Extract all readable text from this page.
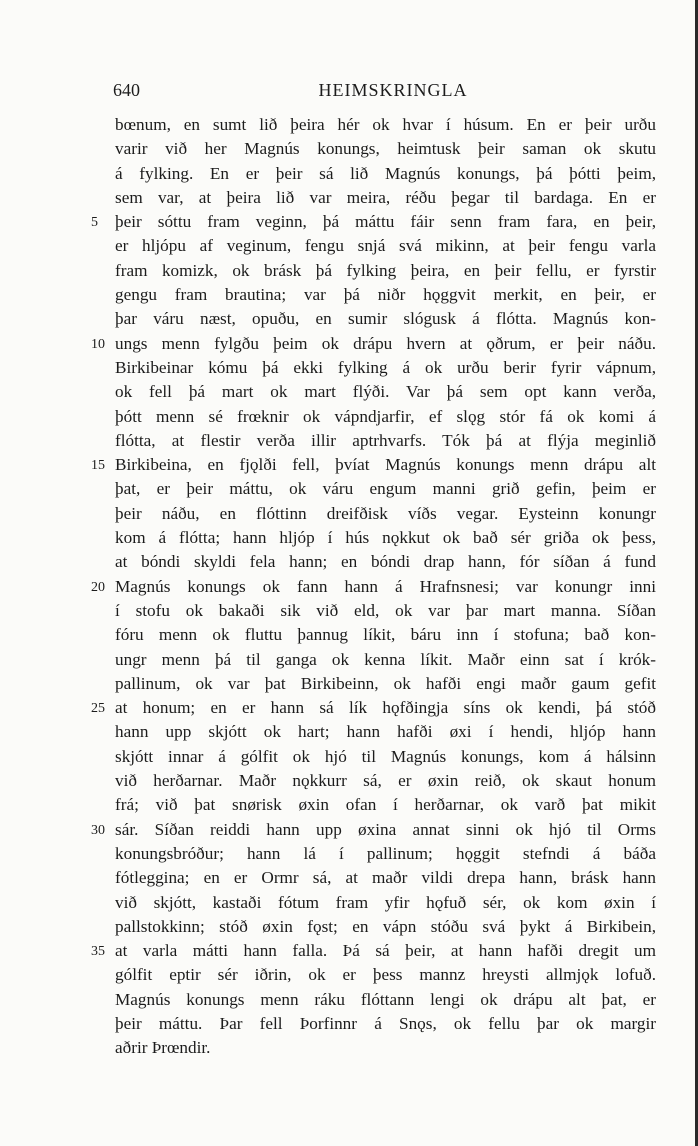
640	HEIMSKRINGLA
bœnum, en sumt lið þeira hér ok hvar í húsum. En er þeir urðu
varir við her Magnús konungs, heimtusk þeir saman ok skutu
á fylking. En er þeir sá lið Magnús konungs, þá þótti þeim,
sem var, at þeira lið var meira, réðu þegar til bardaga. En er
5 þeir sóttu fram veginn, þá máttu fáir senn fram fara, en þeir,
er hljópu af veginum, fengu snjá svá mikinn, at þeir fengu varla
fram komizk, ok brásk þá fylking þeira, en þeir fellu, er fyrstir
gengu fram brautina; var þá niðr hǫggvit merkit, en þeir, er
þar váru næst, opuðu, en sumir slógusk á flótta. Magnús kon-
10 ungs menn fylgðu þeim ok drápu hvern at ǫðrum, er þeir náðu.
Birkibeinar kómu þá ekki fylking á ok urðu berir fyrir vápnum,
ok fell þá mart ok mart flýði. Var þá sem opt kann verða,
þótt menn sé frœknir ok vápndjarfir, ef slǫg stór fá ok komi á
flótta, at flestir verða illir aptrhvarfs. Tók þá at flýja meginlið
15 Birkibeina, en fjǫlði fell, þvíat Magnús konungs menn drápu alt
þat, er þeir máttu, ok váru engum manni grið gefin, þeim er
þeir náðu, en flóttinn dreifðisk víðs vegar. Eysteinn konungr
kom á flótta; hann hljóp í hús nǫkkut ok bað sér griða ok þess,
at bóndi skyldi fela hann; en bóndi drap hann, fór síðan á fund
20 Magnús konungs ok fann hann á Hrafnsnesi; var konungr inni
í stofu ok bakaði sik við eld, ok var þar mart manna. Síðan
fóru menn ok fluttu þannug líkit, báru inn í stofuna; bað kon-
ungr menn þá til ganga ok kenna líkit. Maðr einn sat í krók-
pallinum, ok var þat Birkibeinn, ok hafði engi maðr gaum gefit
25 at honum; en er hann sá lík hǫfðingja síns ok kendi, þá stóð
hann upp skjótt ok hart; hann hafði øxi í hendi, hljóp hann
skjótt innar á gólfit ok hjó til Magnús konungs, kom á hálsinn
við herðarnar. Maðr nǫkkurr sá, er øxin reið, ok skaut honum
frá; við þat snørisk øxin ofan í herðarnar, ok varð þat mikit
30 sár. Síðan reiddi hann upp øxina annat sinni ok hjó til Orms
konungsbróður; hann lá í pallinum; hǫggit stefndi á báða
fótleggina; en er Ormr sá, at maðr vildi drepa hann, brásk hann
við skjótt, kastaði fótum fram yfir hǫfuð sér, ok kom øxin í
pallstokkinn; stóð øxin fǫst; en vápn stóðu svá þykt á Birkibein,
35 at varla mátti hann falla. Þá sá þeir, at hann hafði dregit um
gólfit eptir sér iðrin, ok er þess mannz hreysti allmjǫk lofuð.
Magnús konungs menn ráku flóttann lengi ok drápu alt þat, er
þeir máttu. Þar fell Þorfinnr á Snǫs, ok fellu þar ok margir
aðrir Þrœndir.
